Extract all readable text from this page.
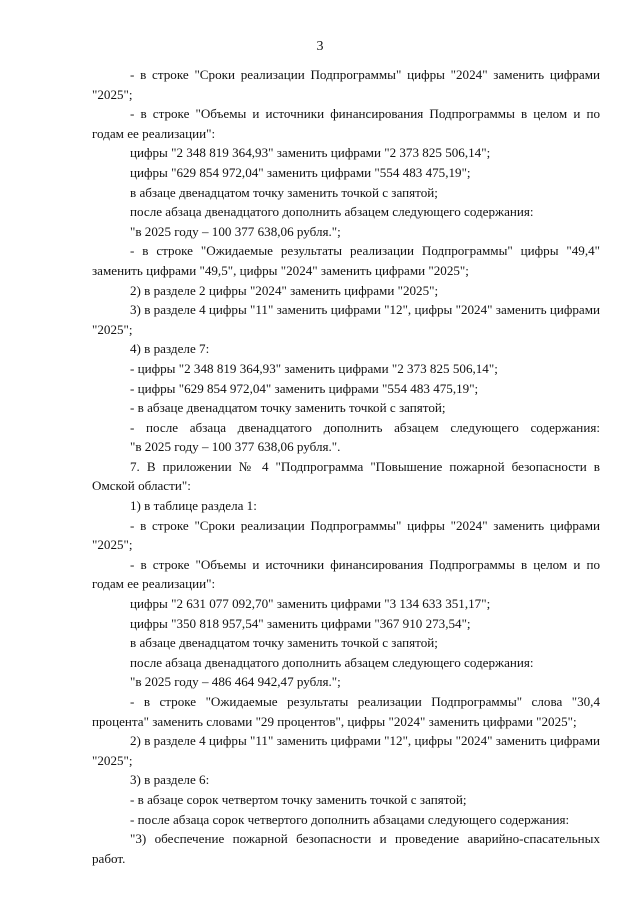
3
- в строке "Сроки реализации Подпрограммы" цифры "2024" заменить цифрами "2025";
- в строке "Объемы и источники финансирования Подпрограммы в целом и по годам ее реализации":
цифры "2 348 819 364,93" заменить цифрами "2 373 825 506,14";
цифры "629 854 972,04" заменить цифрами "554 483 475,19";
в абзаце двенадцатом точку заменить точкой с запятой;
после абзаца двенадцатого дополнить абзацем следующего содержания:
"в 2025 году – 100 377 638,06 рубля.";
- в строке "Ожидаемые результаты реализации Подпрограммы" цифры "49,4" заменить цифрами "49,5", цифры "2024" заменить цифрами "2025";
2) в разделе 2 цифры "2024" заменить цифрами "2025";
3) в разделе 4 цифры "11" заменить цифрами "12", цифры "2024" заменить цифрами "2025";
4) в разделе 7:
- цифры "2 348 819 364,93" заменить цифрами "2 373 825 506,14";
- цифры "629 854 972,04" заменить цифрами "554 483 475,19";
- в абзаце двенадцатом точку заменить точкой с запятой;
- после абзаца двенадцатого дополнить абзацем следующего содержания:
"в 2025 году – 100 377 638,06 рубля.".
7. В приложении № 4 "Подпрограмма "Повышение пожарной безопасности в Омской области":
1) в таблице раздела 1:
- в строке "Сроки реализации Подпрограммы" цифры "2024" заменить цифрами "2025";
- в строке "Объемы и источники финансирования Подпрограммы в целом и по годам ее реализации":
цифры "2 631 077 092,70" заменить цифрами "3 134 633 351,17";
цифры "350 818 957,54" заменить цифрами "367 910 273,54";
в абзаце двенадцатом точку заменить точкой с запятой;
после абзаца двенадцатого дополнить абзацем следующего содержания:
"в 2025 году – 486 464 942,47 рубля.";
- в строке "Ожидаемые результаты реализации Подпрограммы" слова "30,4 процента" заменить словами "29 процентов", цифры "2024" заменить цифрами "2025";
2) в разделе 4 цифры "11" заменить цифрами "12", цифры "2024" заменить цифрами "2025";
3) в разделе 6:
- в абзаце сорок четвертом точку заменить точкой с запятой;
- после абзаца сорок четвертого дополнить абзацами следующего содержания:
"3) обеспечение пожарной безопасности и проведение аварийно-спасательных работ.
